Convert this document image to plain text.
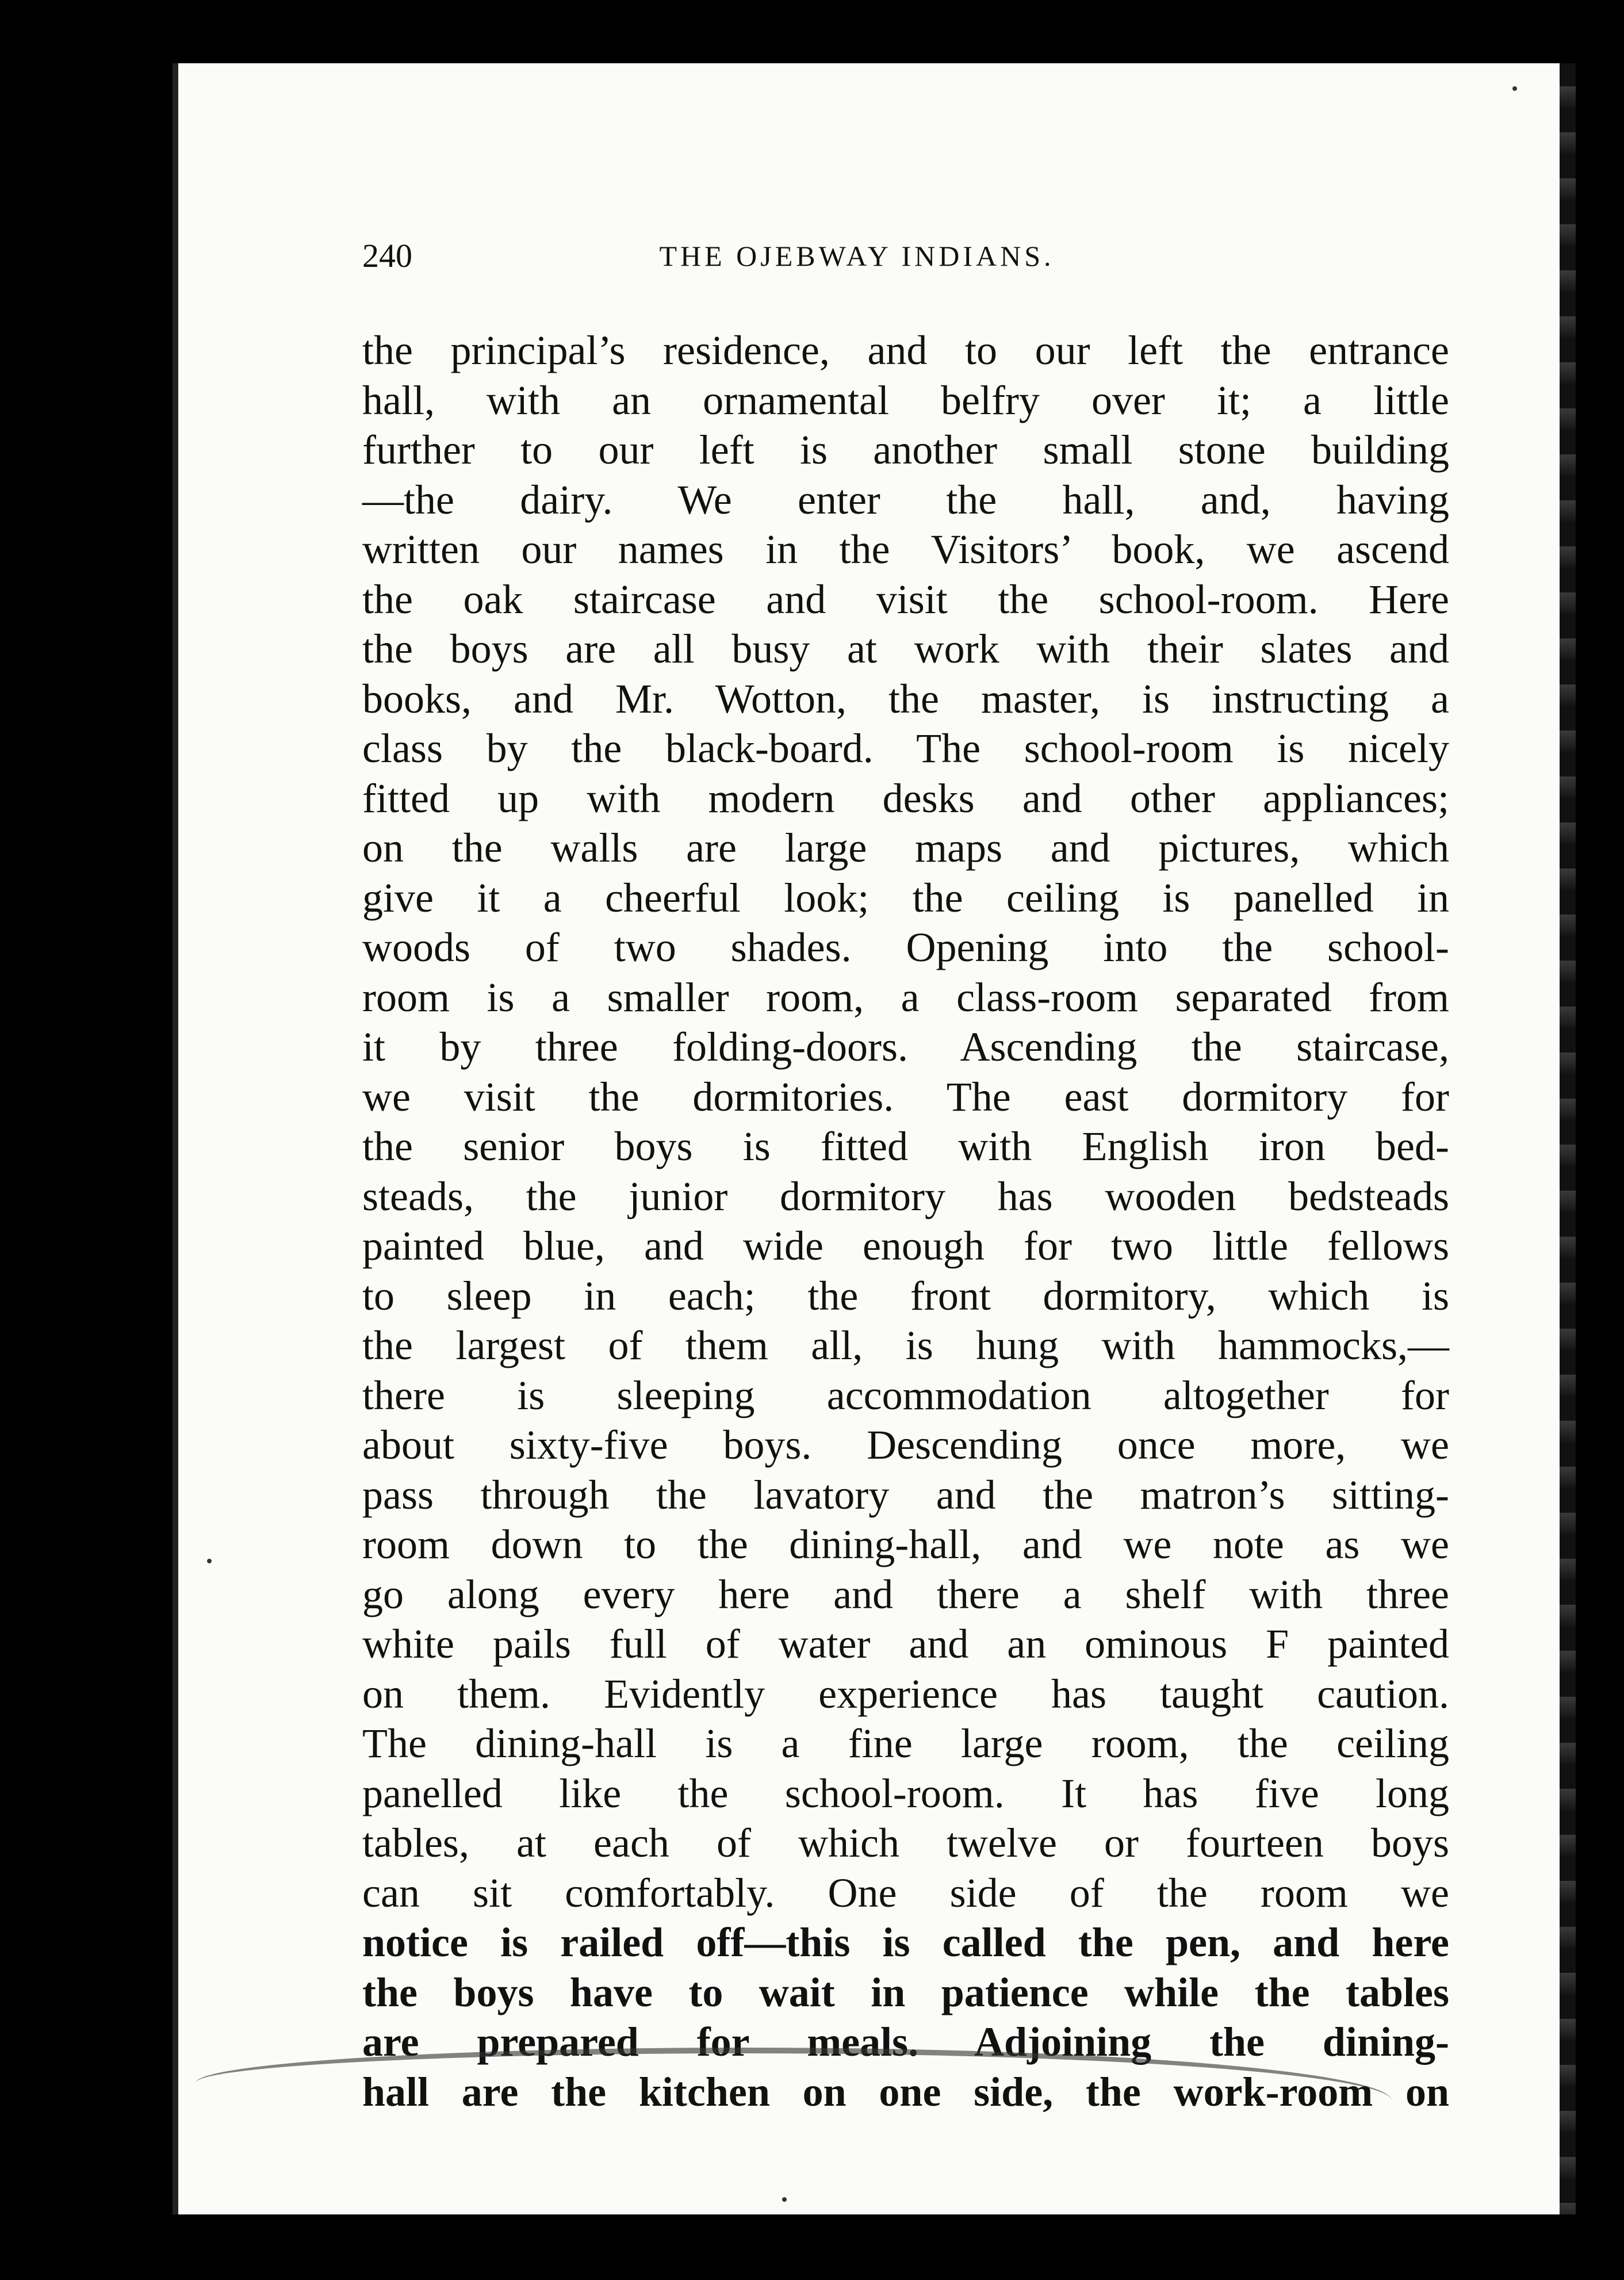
240	THE OJEBWAY INDIANS.
the principal’s residence, and to our left the entrance
hall, with an ornamental belfry over it; a little
further to our left is another small stone building
—the dairy. We enter the hall, and, having
written our names in the Visitors’ book, we ascend
the oak staircase and visit the school-room. Here
the boys are all busy at work with their slates and
books, and Mr. Wotton, the master, is instructing a
class by the black-board. The school-room is nicely
fitted up with modern desks and other appliances;
on the walls are large maps and pictures, which
give it a cheerful look; the ceiling is panelled in
woods of two shades. Opening into the school-
room is a smaller room, a class-room separated from
it by three folding-doors. Ascending the staircase,
we visit the dormitories. The east dormitory for
the senior boys is fitted with English iron bed-
steads, the junior dormitory has wooden bedsteads
painted blue, and wide enough for two little fellows
to sleep in each; the front dormitory, which is
the largest of them all, is hung with hammocks,—
there is sleeping accommodation altogether for
about sixty-five boys. Descending once more, we
pass through the lavatory and the matron’s sitting-
room down to the dining-hall, and we note as we
go along every here and there a shelf with three
white pails full of water and an ominous F painted
on them. Evidently experience has taught caution.
The dining-hall is a fine large room, the ceiling
panelled like the school-room. It has five long
tables, at each of which twelve or fourteen boys
can sit comfortably. One side of the room we
notice is railed off—this is called the pen, and here
the boys have to wait in patience while the tables
are prepared for meals. Adjoining the dining-
hall are the kitchen on one side, the work-room on
